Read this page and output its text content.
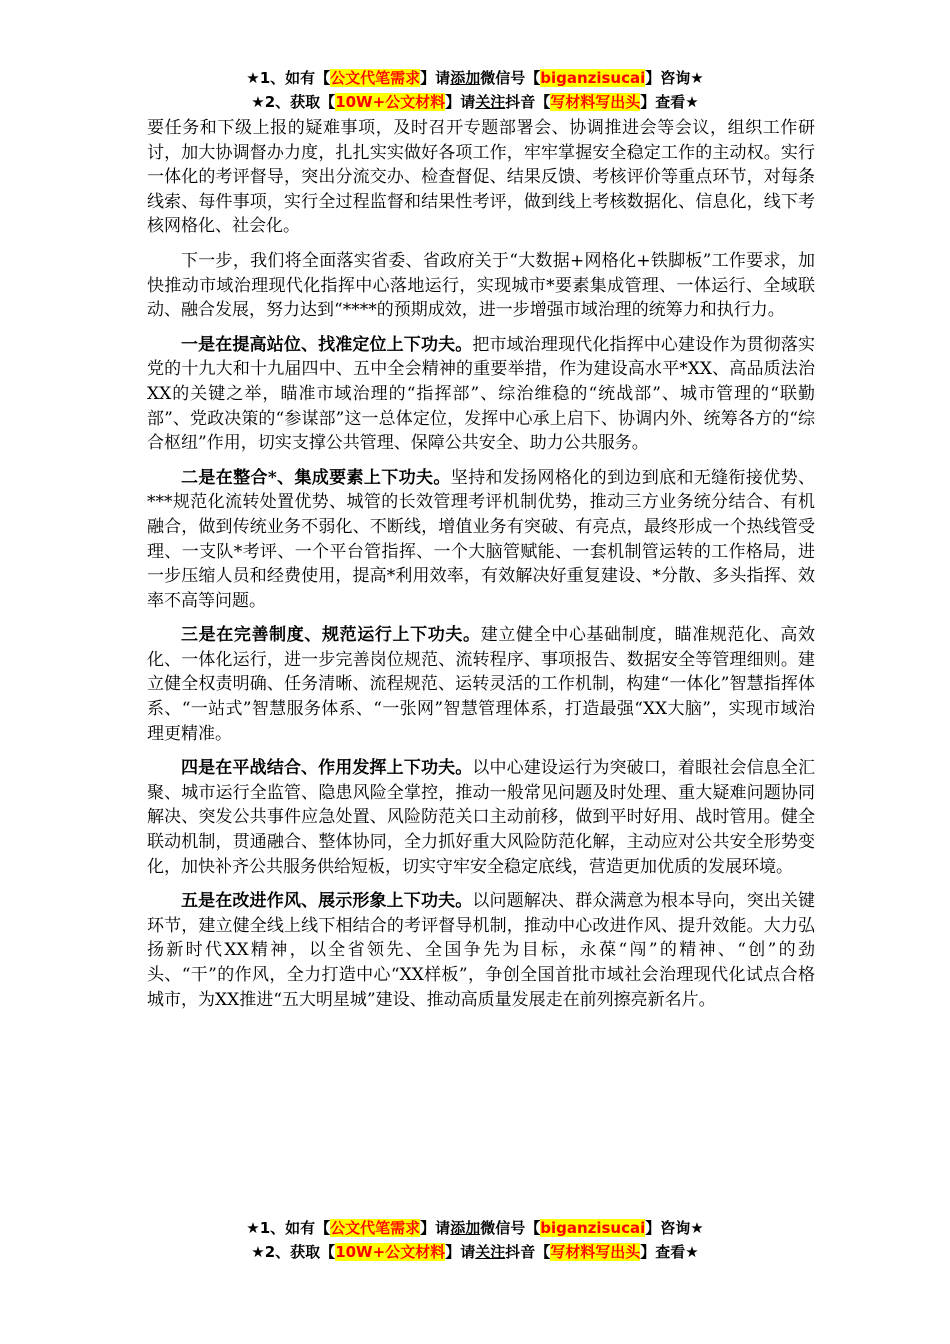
★1、如有【公文代笔需求】请添加微信号【biganzisucai】咨询★
★2、获取【10W+公文材料】请关注抖音【写材料写出头】查看★

要任务和下级上报的疑难事项，及时召开专题部署会、协调推进会等会议，组织工作研讨，加大协调督办力度，扎扎实实做好各项工作，牢牢掌握安全稳定工作的主动权。实行一体化的考评督导，突出分流交办、检查督促、结果反馈、考核评价等重点环节，对每条线索、每件事项，实行全过程监督和结果性考评，做到线上考核数据化、信息化，线下考核网格化、社会化。

下一步，我们将全面落实省委、省政府关于“大数据+网格化+铁脚板”工作要求，加快推动市域治理现代化指挥中心落地运行，实现城市*要素集成管理、一体运行、全域联动、融合发展，努力达到“****的预期成效，进一步增强市域治理的统筹力和执行力。

一是在提高站位、找准定位上下功夫。把市域治理现代化指挥中心建设作为贯彻落实党的十九大和十九届四中、五中全会精神的重要举措，作为建设高水平*XX、高品质法治XX的关键之举，瞄准市域治理的“指挥部”、综治维稳的“统战部”、城市管理的“联勤部”、党政决策的“参谋部”这一总体定位，发挥中心承上启下、协调内外、统筹各方的“综合枢纽”作用，切实支撑公共管理、保障公共安全、助力公共服务。

二是在整合*、集成要素上下功夫。坚持和发扬网格化的到边到底和无缝衔接优势、***规范化流转处置优势、城管的长效管理考评机制优势，推动三方业务统分结合、有机融合，做到传统业务不弱化、不断线，增值业务有突破、有亮点，最终形成一个热线管受理、一支队*考评、一个平台管指挥、一个大脑管赋能、一套机制管运转的工作格局，进一步压缩人员和经费使用，提高*利用效率，有效解决好重复建设、*分散、多头指挥、效率不高等问题。

三是在完善制度、规范运行上下功夫。建立健全中心基础制度，瞄准规范化、高效化、一体化运行，进一步完善岗位规范、流转程序、事项报告、数据安全等管理细则。建立健全权责明确、任务清晰、流程规范、运转灵活的工作机制，构建“一体化”智慧指挥体系、“一站式”智慧服务体系、“一张网”智慧管理体系，打造最强“XX大脑”，实现市域治理更精准。

四是在平战结合、作用发挥上下功夫。以中心建设运行为突破口，着眼社会信息全汇聚、城市运行全监管、隐患风险全掌控，推动一般常见问题及时处理、重大疑难问题协同解决、突发公共事件应急处置、风险防范关口主动前移，做到平时好用、战时管用。健全联动机制，贯通融合、整体协同，全力抓好重大风险防范化解，主动应对公共安全形势变化，加快补齐公共服务供给短板，切实守牢安全稳定底线，营造更加优质的发展环境。

五是在改进作风、展示形象上下功夫。以问题解决、群众满意为根本导向，突出关键环节，建立健全线上线下相结合的考评督导机制，推动中心改进作风、提升效能。大力弘扬新时代XX精神，以全省领先、全国争先为目标，永葆“闯”的精神、“创”的劲头、“干”的作风，全力打造中心“XX样板”，争创全国首批市域社会治理现代化试点合格城市，为XX推进“五大明星城”建设、推动高质量发展走在前列擦亮新名片。

★1、如有【公文代笔需求】请添加微信号【biganzisucai】咨询★
★2、获取【10W+公文材料】请关注抖音【写材料写出头】查看★
